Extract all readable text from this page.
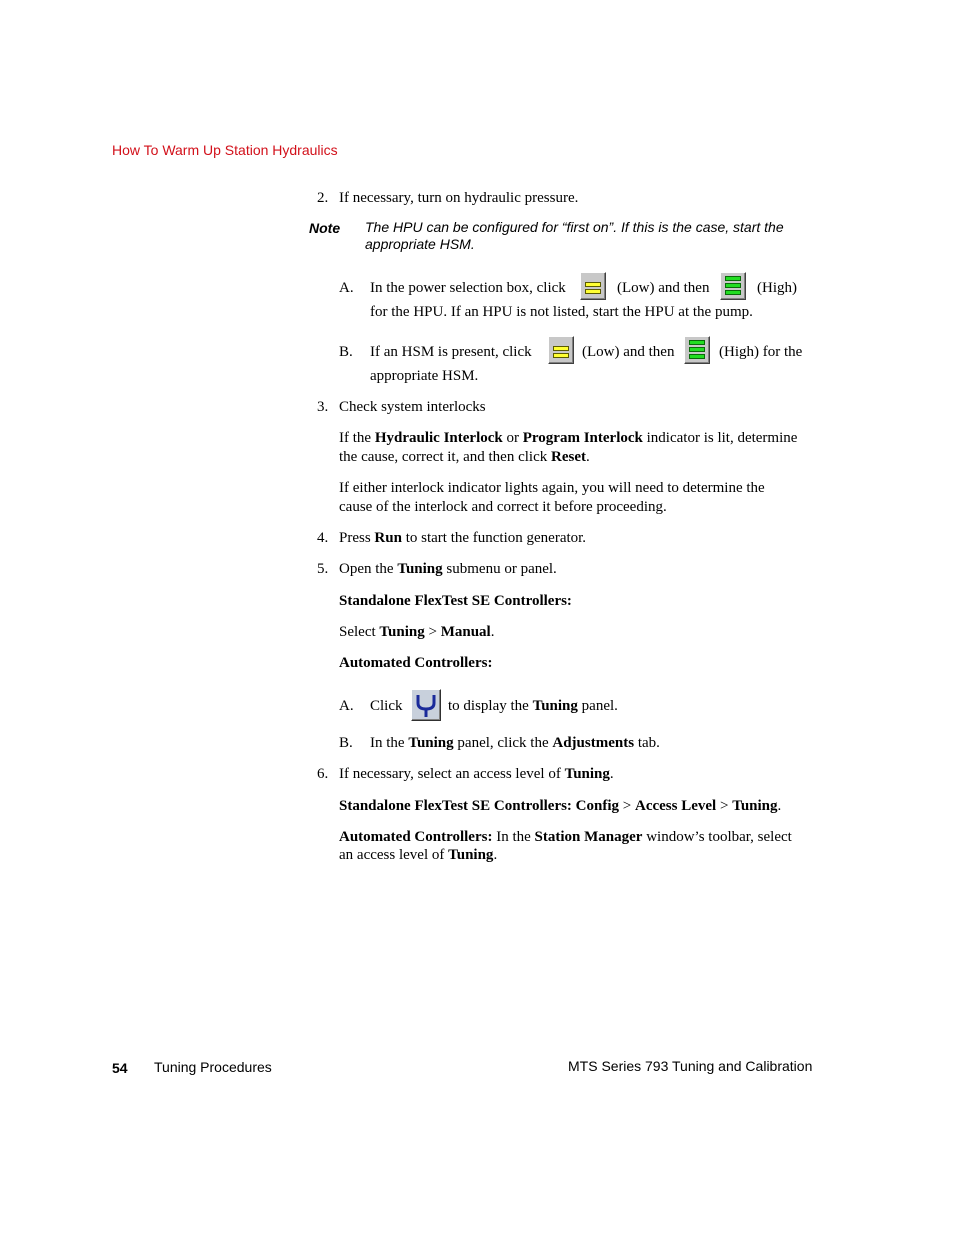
How To Warm Up Station Hydraulics
2. If necessary, turn on hydraulic pressure.
Note The HPU can be configured for “first on”. If this is the case, start the appropriate HSM.
A. In the power selection box, click	(Low) and then	(High)
for the HPU. If an HPU is not listed, start the HPU at the pump.
B. If an HSM is present, click	(Low) and then	(High) for the
appropriate HSM.
3. Check system interlocks
If the Hydraulic Interlock or Program Interlock indicator is lit, determine
the cause, correct it, and then click Reset.
If either interlock indicator lights again, you will need to determine the
cause of the interlock and correct it before proceeding.
4. Press Run to start the function generator.
5. Open the Tuning submenu or panel.
Standalone FlexTest SE Controllers:
Select Tuning > Manual.
Automated Controllers:
A. Click	to display the Tuning panel.
B. In the Tuning panel, click the Adjustments tab.
6. If necessary, select an access level of Tuning.
Standalone FlexTest SE Controllers: Config > Access Level > Tuning.
Automated Controllers: In the Station Manager window’s toolbar, select
an access level of Tuning.
54 Tuning Procedures	MTS Series 793 Tuning and Calibration
